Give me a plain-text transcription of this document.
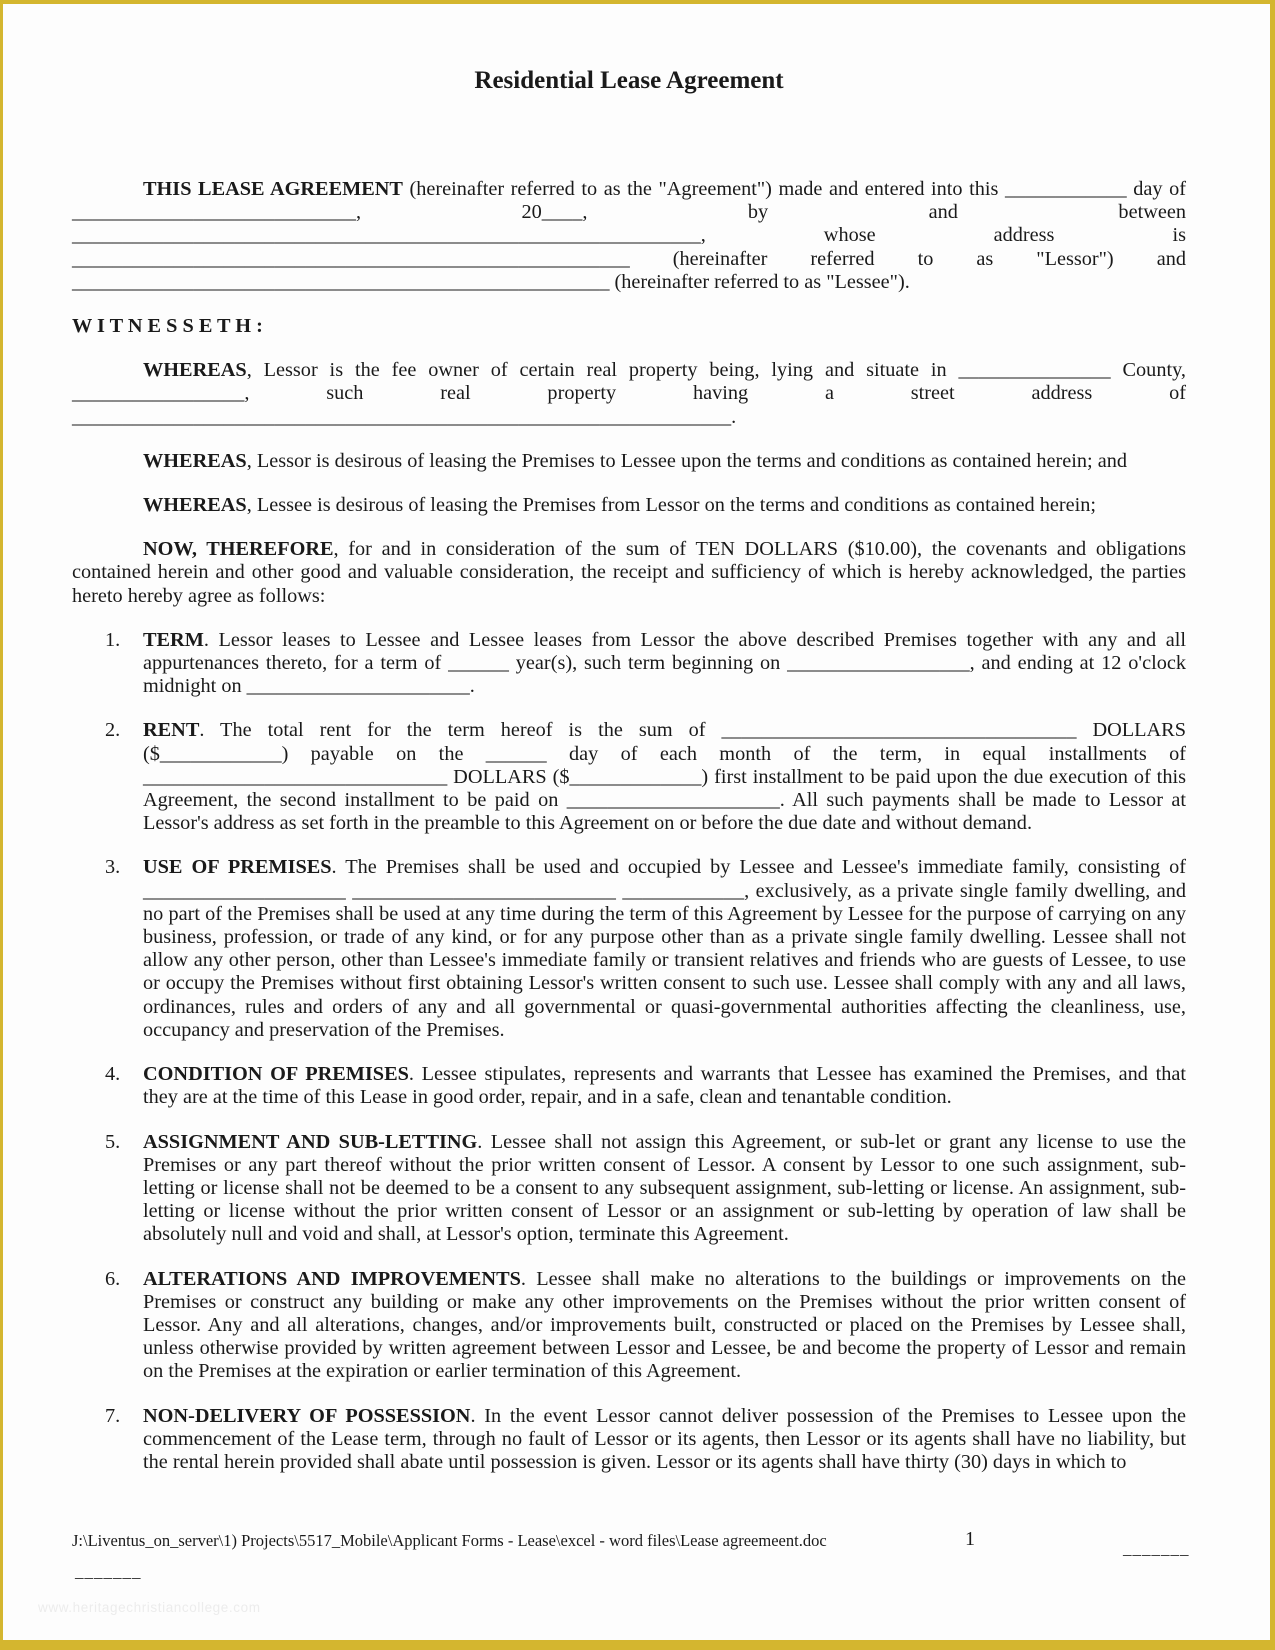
Residential Lease Agreement

THIS LEASE AGREEMENT (hereinafter referred to as the "Agreement") made and entered into this ____________ day of ____________________________, 20____, by and between ______________________________________________________________, whose address is _______________________________________________________ (hereinafter referred to as "Lessor") and _____________________________________________________ (hereinafter referred to as "Lessee").

W I T N E S S E T H :

WHEREAS, Lessor is the fee owner of certain real property being, lying and situate in _______________ County, _________________, such real property having a street address of _________________________________________________________________.

WHEREAS, Lessor is desirous of leasing the Premises to Lessee upon the terms and conditions as contained herein; and

WHEREAS, Lessee is desirous of leasing the Premises from Lessor on the terms and conditions as contained herein;

NOW, THEREFORE, for and in consideration of the sum of TEN DOLLARS ($10.00), the covenants and obligations contained herein and other good and valuable consideration, the receipt and sufficiency of which is hereby acknowledged, the parties hereto hereby agree as follows:

1. TERM. Lessor leases to Lessee and Lessee leases from Lessor the above described Premises together with any and all appurtenances thereto, for a term of ______ year(s), such term beginning on __________________, and ending at 12 o'clock midnight on ______________________.
2. RENT. The total rent for the term hereof is the sum of ___________________________________ DOLLARS ($____________) payable on the ______ day of each month of the term, in equal installments of ______________________________ DOLLARS ($_____________) first installment to be paid upon the due execution of this Agreement, the second installment to be paid on _____________________. All such payments shall be made to Lessor at Lessor's address as set forth in the preamble to this Agreement on or before the due date and without demand.
3. USE OF PREMISES. The Premises shall be used and occupied by Lessee and Lessee's immediate family, consisting of ____________________ __________________________ ____________, exclusively, as a private single family dwelling, and no part of the Premises shall be used at any time during the term of this Agreement by Lessee for the purpose of carrying on any business, profession, or trade of any kind, or for any purpose other than as a private single family dwelling. Lessee shall not allow any other person, other than Lessee's immediate family or transient relatives and friends who are guests of Lessee, to use or occupy the Premises without first obtaining Lessor's written consent to such use. Lessee shall comply with any and all laws, ordinances, rules and orders of any and all governmental or quasi-governmental authorities affecting the cleanliness, use, occupancy and preservation of the Premises.
4. CONDITION OF PREMISES. Lessee stipulates, represents and warrants that Lessee has examined the Premises, and that they are at the time of this Lease in good order, repair, and in a safe, clean and tenantable condition.
5. ASSIGNMENT AND SUB-LETTING. Lessee shall not assign this Agreement, or sub-let or grant any license to use the Premises or any part thereof without the prior written consent of Lessor. A consent by Lessor to one such assignment, sub-letting or license shall not be deemed to be a consent to any subsequent assignment, sub-letting or license. An assignment, sub-letting or license without the prior written consent of Lessor or an assignment or sub-letting by operation of law shall be absolutely null and void and shall, at Lessor's option, terminate this Agreement.
6. ALTERATIONS AND IMPROVEMENTS. Lessee shall make no alterations to the buildings or improvements on the Premises or construct any building or make any other improvements on the Premises without the prior written consent of Lessor. Any and all alterations, changes, and/or improvements built, constructed or placed on the Premises by Lessee shall, unless otherwise provided by written agreement between Lessor and Lessee, be and become the property of Lessor and remain on the Premises at the expiration or earlier termination of this Agreement.
7. NON-DELIVERY OF POSSESSION. In the event Lessor cannot deliver possession of the Premises to Lessee upon the commencement of the Lease term, through no fault of Lessor or its agents, then Lessor or its agents shall have no liability, but the rental herein provided shall abate until possession is given. Lessor or its agents shall have thirty (30) days in which to
J:\Liventus_on_server\1) Projects\5517_Mobile\Applicant Forms - Lease\excel - word files\Lease agreemeent.doc	1	_______
_______
www.heritagechristiancollege.com
